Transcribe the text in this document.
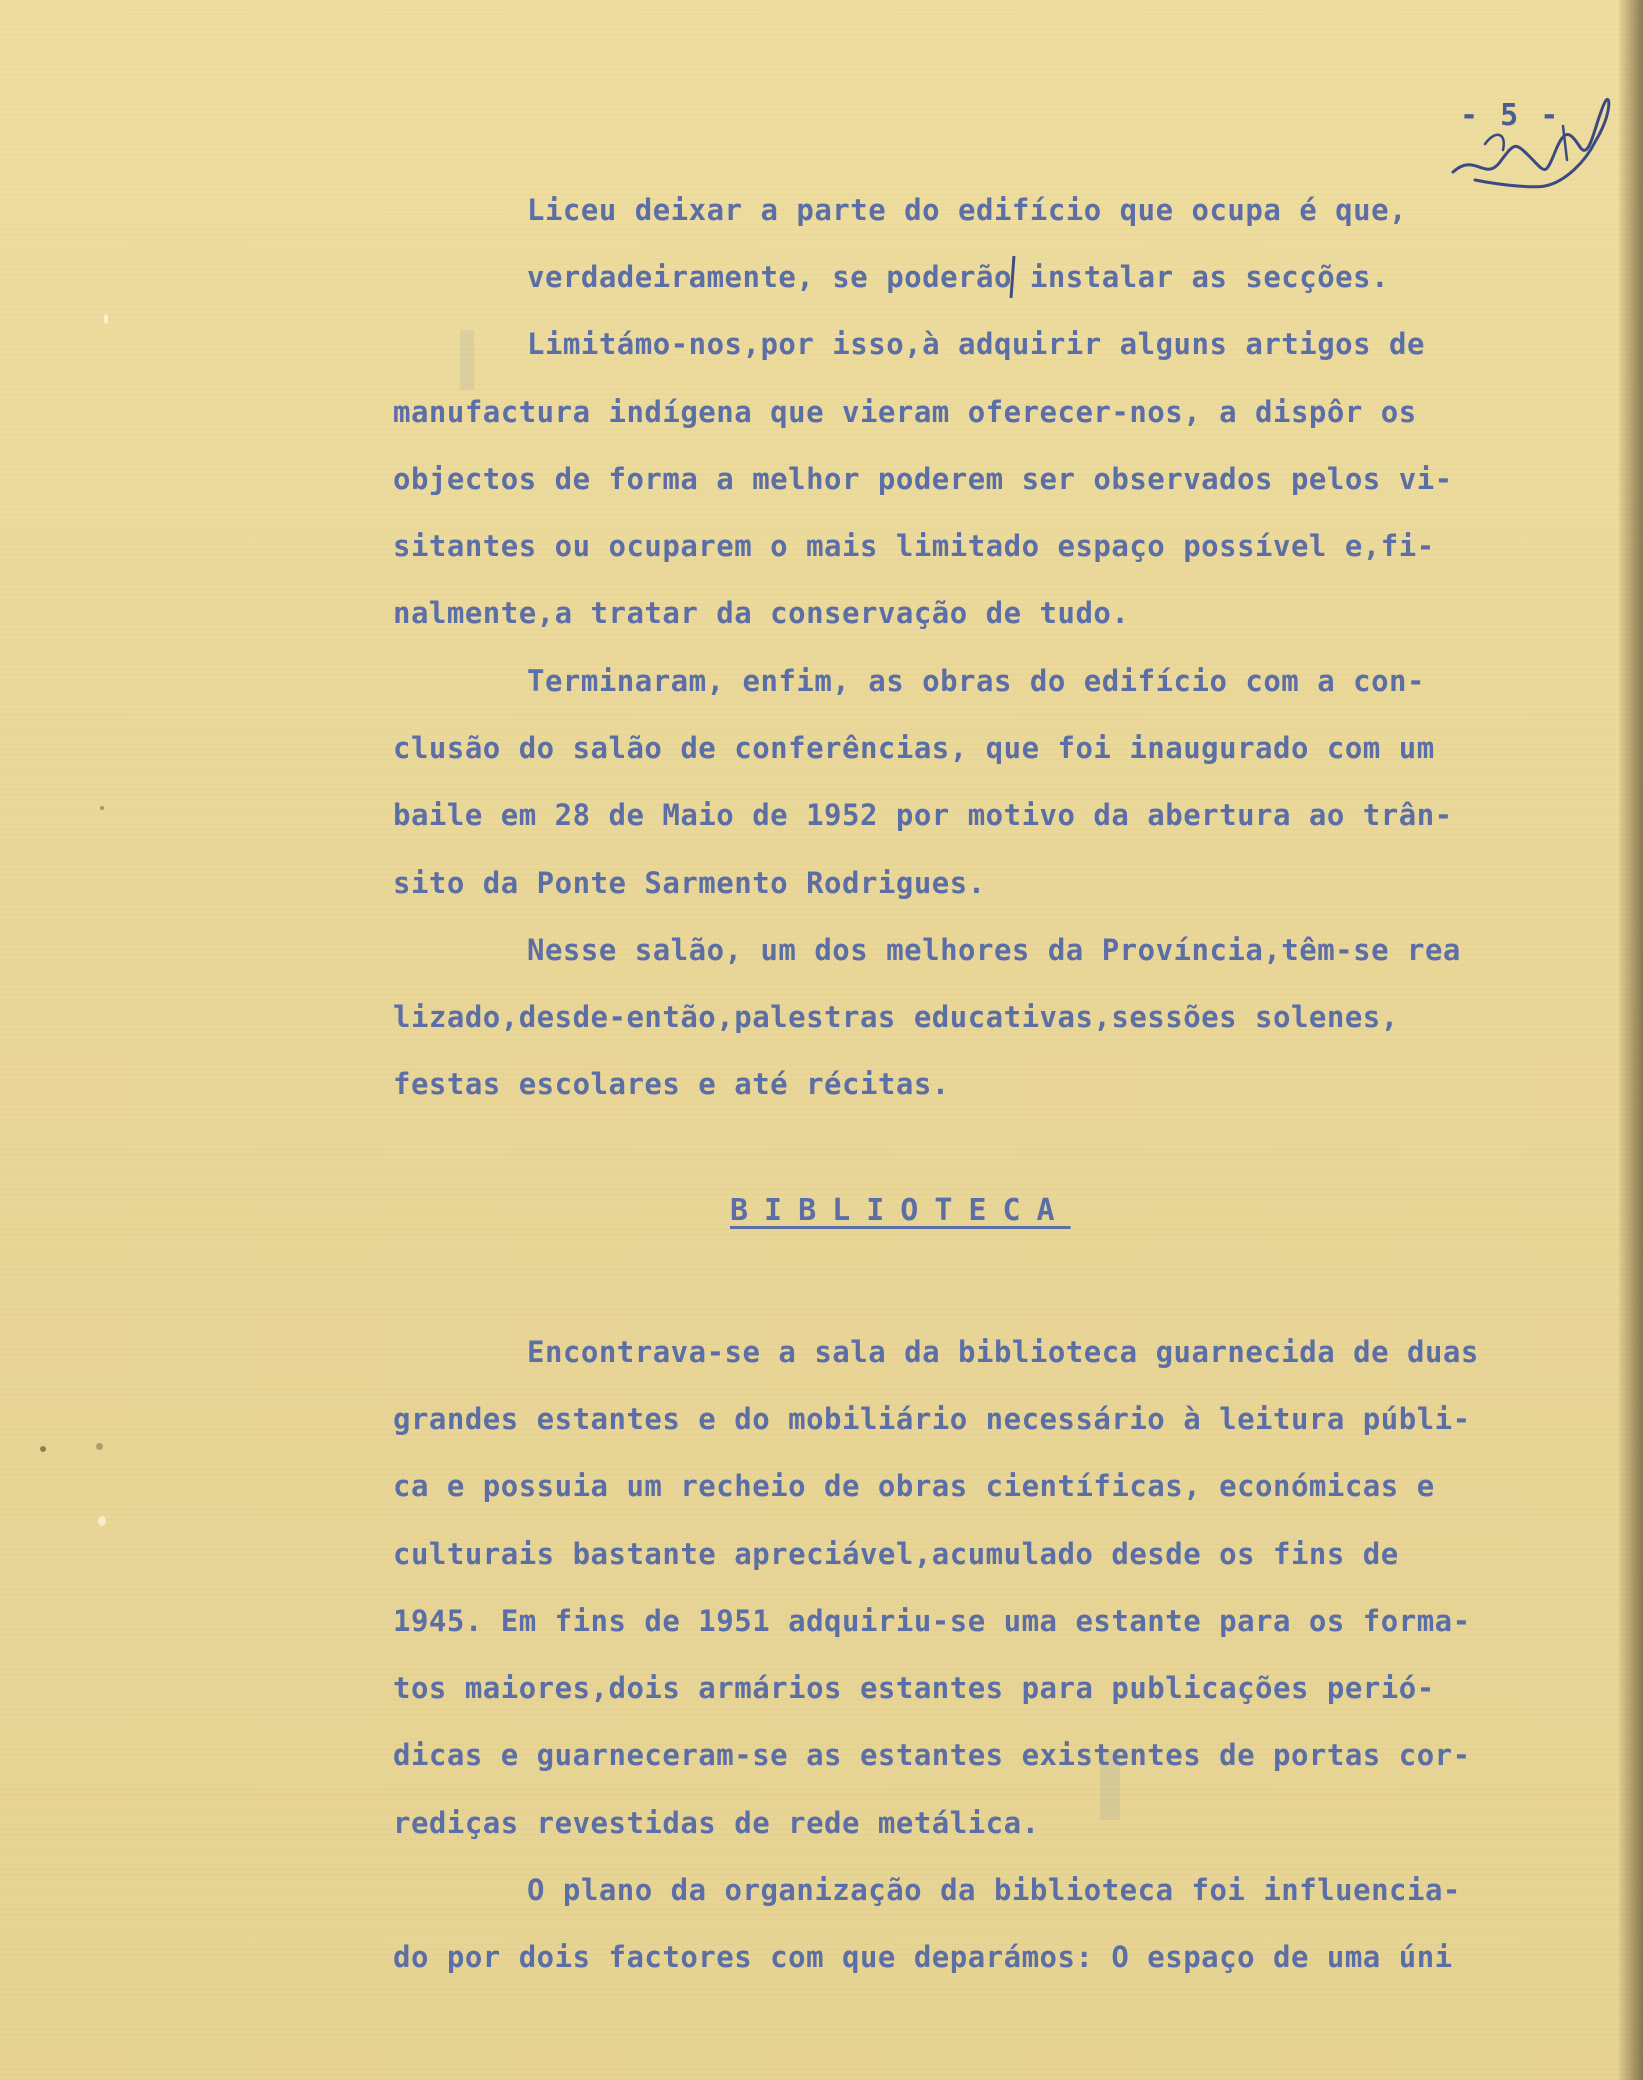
- 5 -
Liceu deixar a parte do edifício que ocupa é que,
verdadeiramente, se poderão instalar as secções.
Limitámo-nos,por isso,à adquirir alguns artigos de
manufactura indígena que vieram oferecer-nos, a dispôr os
objectos de forma a melhor poderem ser observados pelos vi-
sitantes ou ocuparem o mais limitado espaço possível e,fi-
nalmente,a tratar da conservação de tudo.
Terminaram, enfim, as obras do edifício com a con-
clusão do salão de conferências, que foi inaugurado com um
baile em 28 de Maio de 1952 por motivo da abertura ao trân-
sito da Ponte Sarmento Rodrigues.
Nesse salão, um dos melhores da Província,têm-se rea
lizado,desde-então,palestras educativas,sessões solenes,
festas escolares e até récitas.
BIBLIOTECA
Encontrava-se a sala da biblioteca guarnecida de duas
grandes estantes e do mobiliário necessário à leitura públi-
ca e possuia um recheio de obras científicas, económicas e
culturais bastante apreciável,acumulado desde os fins de
1945. Em fins de 1951 adquiriu-se uma estante para os forma-
tos maiores,dois armários estantes para publicações perió-
dicas e guarneceram-se as estantes existentes de portas cor-
rediças revestidas de rede metálica.
O plano da organização da biblioteca foi influencia-
do por dois factores com que deparámos: O espaço de uma úni
